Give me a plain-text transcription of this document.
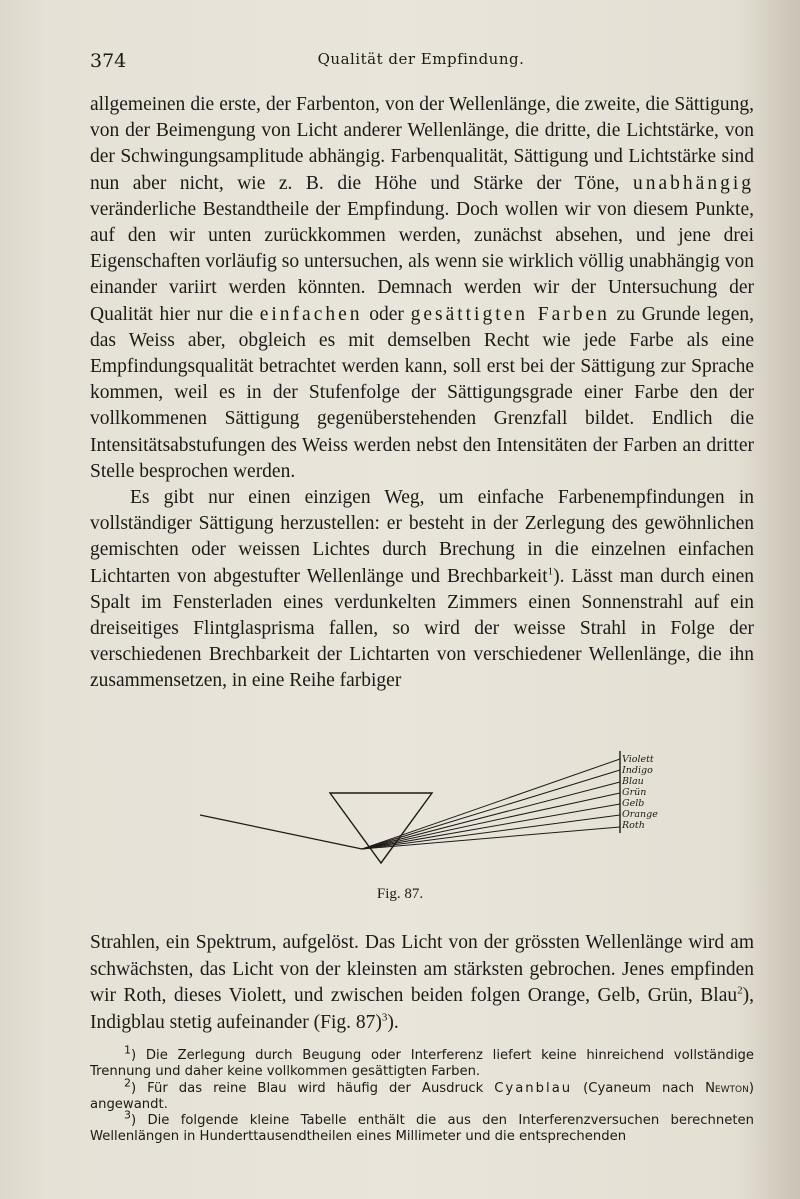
374	Qualität der Empfindung.

allgemeinen die erste, der Farbenton, von der Wellenlänge, die zweite, die Sättigung, von der Beimengung von Licht anderer Wellenlänge, die dritte, die Lichtstärke, von der Schwingungsamplitude abhängig. Farbenqualität, Sättigung und Lichtstärke sind nun aber nicht, wie z. B. die Höhe und Stärke der Töne, unabhängig veränderliche Bestandtheile der Empfindung. Doch wollen wir von diesem Punkte, auf den wir unten zurückkommen werden, zunächst absehen, und jene drei Eigenschaften vorläufig so untersuchen, als wenn sie wirklich völlig unabhängig von einander variirt werden könnten. Demnach werden wir der Untersuchung der Qualität hier nur die einfachen oder gesättigten Farben zu Grunde legen, das Weiss aber, obgleich es mit demselben Recht wie jede Farbe als eine Empfindungsqualität betrachtet werden kann, soll erst bei der Sättigung zur Sprache kommen, weil es in der Stufenfolge der Sättigungsgrade einer Farbe den der vollkommenen Sättigung gegenüberstehenden Grenzfall bildet. Endlich die Intensitätsabstufungen des Weiss werden nebst den Intensitäten der Farben an dritter Stelle besprochen werden.

Es gibt nur einen einzigen Weg, um einfache Farbenempfindungen in vollständiger Sättigung herzustellen: er besteht in der Zerlegung des gewöhnlichen gemischten oder weissen Lichtes durch Brechung in die einzelnen einfachen Lichtarten von abgestufter Wellenlänge und Brechbarkeit$^1$). Lässt man durch einen Spalt im Fensterladen eines verdunkelten Zimmers einen Sonnenstrahl auf ein dreiseitiges Flintglasprisma fallen, so wird der weisse Strahl in Folge der verschiedenen Brechbarkeit der Lichtarten von verschiedener Wellenlänge, die ihn zusammensetzen, in eine Reihe farbiger

Violett
Indigo
Blau
Grün
Gelb
Orange
Roth
Fig. 87.

Strahlen, ein Spektrum, aufgelöst. Das Licht von der grössten Wellenlänge wird am schwächsten, das Licht von der kleinsten am stärksten gebrochen. Jenes empfinden wir Roth, dieses Violett, und zwischen beiden folgen Orange, Gelb, Grün, Blau$^2$), Indigblau stetig aufeinander (Fig. 87)$^3$).

$^1$) Die Zerlegung durch Beugung oder Interferenz liefert keine hinreichend vollständige Trennung und daher keine vollkommen gesättigten Farben.

$^2$) Für das reine Blau wird häufig der Ausdruck Cyanblau (Cyaneum nach Newton) angewandt.

$^3$) Die folgende kleine Tabelle enthält die aus den Interferenzversuchen berechneten Wellenlängen in Hunderttausendtheilen eines Millimeter und die entsprechenden
